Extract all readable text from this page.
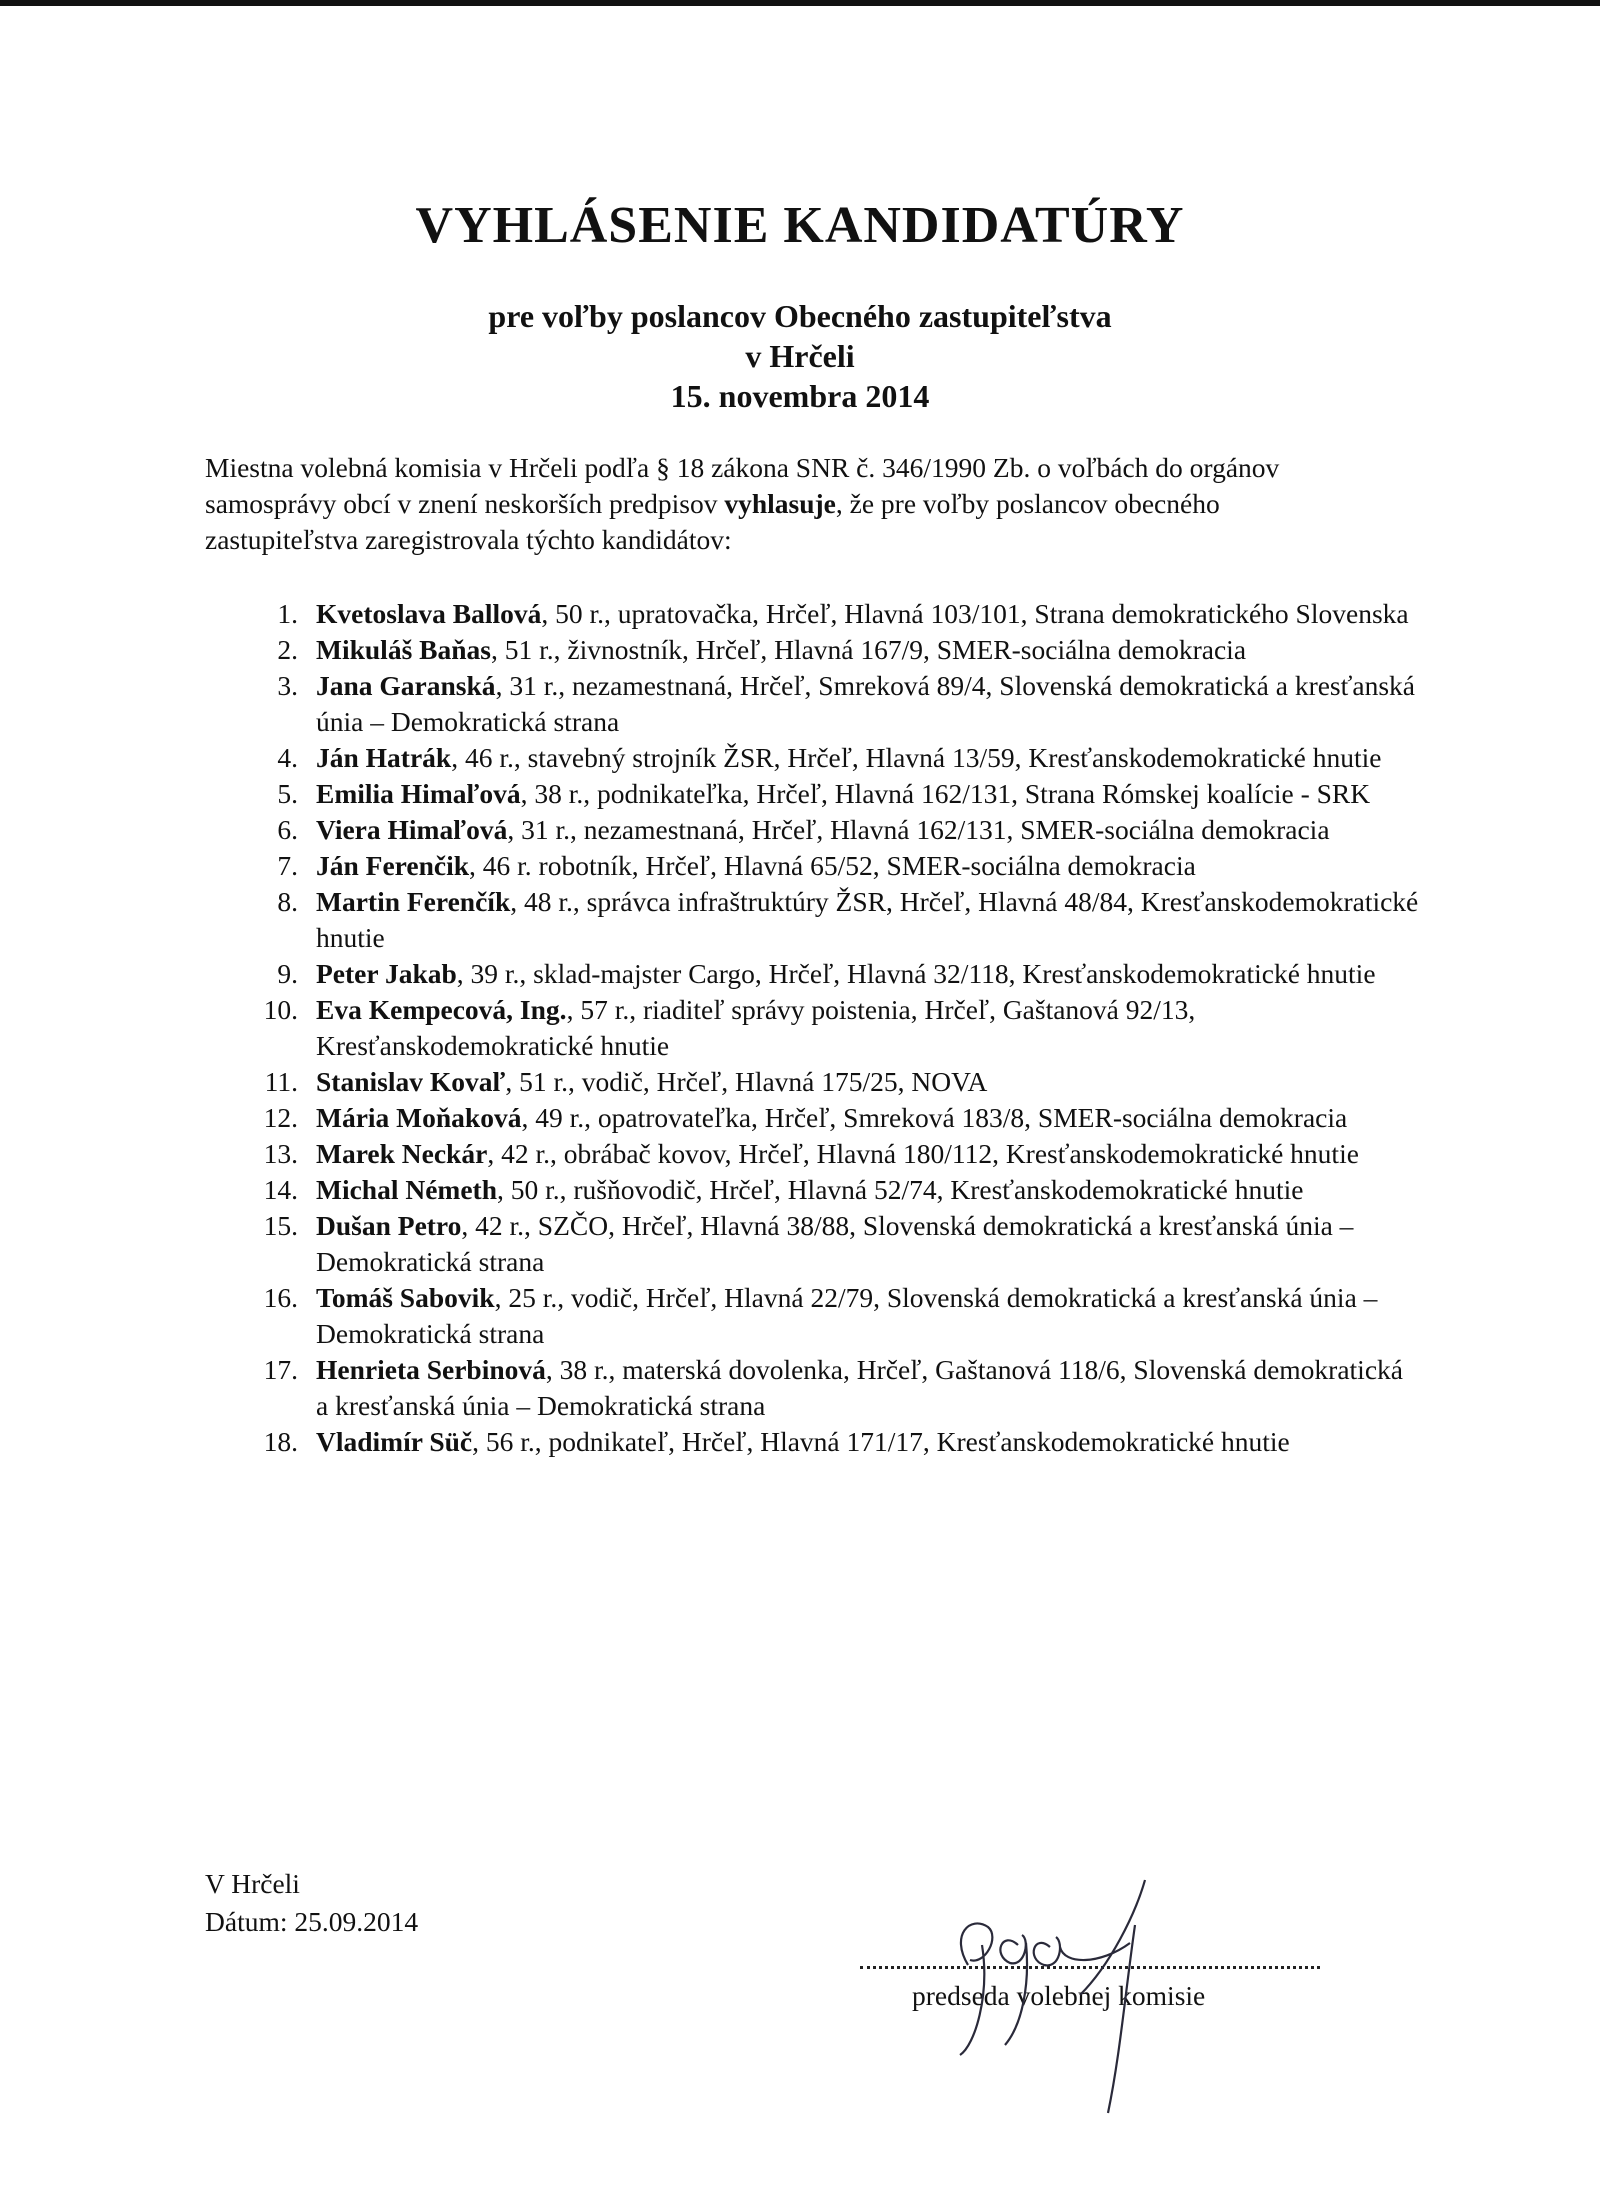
VYHLÁSENIE KANDIDATÚRY
pre voľby poslancov Obecného zastupiteľstva
v Hrčeli
15. novembra 2014

Miestna volebná komisia v Hrčeli podľa § 18 zákona SNR č. 346/1990 Zb. o voľbách do orgánov samosprávy obcí v znení neskorších predpisov vyhlasuje, že pre voľby poslancov obecného zastupiteľstva zaregistrovala týchto kandidátov:

1. Kvetoslava Ballová, 50 r., upratovačka, Hrčeľ, Hlavná 103/101, Strana demokratického Slovenska
2. Mikuláš Baňas, 51 r., živnostník, Hrčeľ, Hlavná 167/9, SMER-sociálna demokracia
3. Jana Garanská, 31 r., nezamestnaná, Hrčeľ, Smreková 89/4, Slovenská demokratická a kresťanská únia – Demokratická strana
4. Ján Hatrák, 46 r., stavebný strojník ŽSR, Hrčeľ, Hlavná 13/59, Kresťanskodemokratické hnutie
5. Emilia Himaľová, 38 r., podnikateľka, Hrčeľ, Hlavná 162/131, Strana Rómskej koalície - SRK
6. Viera Himaľová, 31 r., nezamestnaná, Hrčeľ, Hlavná 162/131, SMER-sociálna demokracia
7. Ján Ferenčik, 46 r. robotník, Hrčeľ, Hlavná 65/52, SMER-sociálna demokracia
8. Martin Ferenčík, 48 r., správca infraštruktúry ŽSR, Hrčeľ, Hlavná 48/84, Kresťanskodemokratické hnutie
9. Peter Jakab, 39 r., sklad-majster Cargo, Hrčeľ, Hlavná 32/118, Kresťanskodemokratické hnutie
10. Eva Kempecová, Ing., 57 r., riaditeľ správy poistenia, Hrčeľ, Gaštanová 92/13, Kresťanskodemokratické hnutie
11. Stanislav Kovaľ, 51 r., vodič, Hrčeľ, Hlavná 175/25, NOVA
12. Mária Moňaková, 49 r., opatrovateľka, Hrčeľ, Smreková 183/8, SMER-sociálna demokracia
13. Marek Neckár, 42 r., obrábač kovov, Hrčeľ, Hlavná 180/112, Kresťanskodemokratické hnutie
14. Michal Németh, 50 r., rušňovodič, Hrčeľ, Hlavná 52/74, Kresťanskodemokratické hnutie
15. Dušan Petro, 42 r., SZČO, Hrčeľ, Hlavná 38/88, Slovenská demokratická a kresťanská únia – Demokratická strana
16. Tomáš Sabovik, 25 r., vodič, Hrčeľ, Hlavná 22/79, Slovenská demokratická a kresťanská únia – Demokratická strana
17. Henrieta Serbinová, 38 r., materská dovolenka, Hrčeľ, Gaštanová 118/6, Slovenská demokratická a kresťanská únia – Demokratická strana
18. Vladimír Süč, 56 r., podnikateľ, Hrčeľ, Hlavná 171/17, Kresťanskodemokratické hnutie
V Hrčeli
Dátum: 25.09.2014
predseda volebnej komisie
